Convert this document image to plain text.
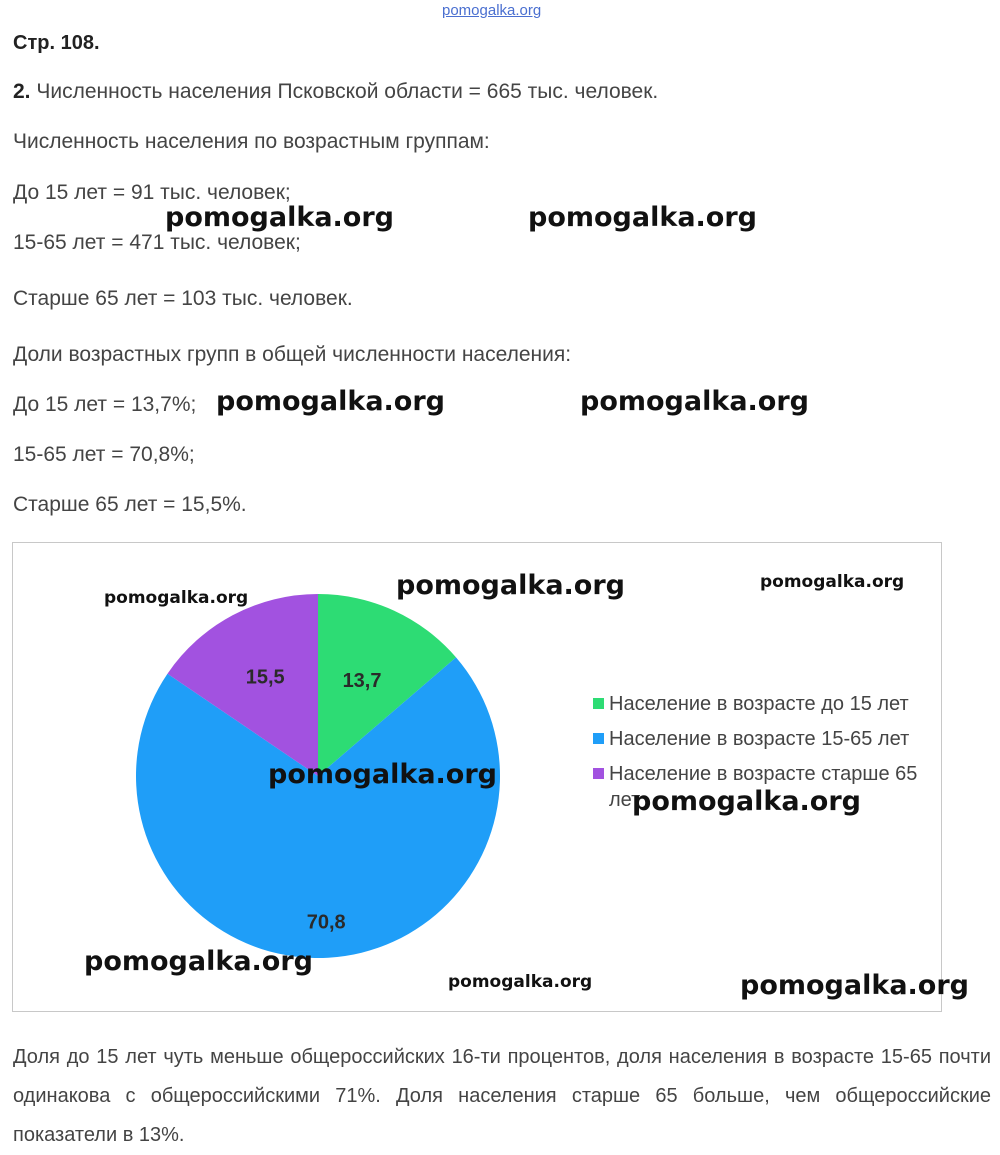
pomogalka.org
Стр. 108.
2. Численность населения Псковской области = 665 тыс. человек.
Численность населения по возрастным группам:
До 15 лет = 91 тыс. человек;
15-65 лет = 471 тыс. человек;
Старше 65 лет = 103 тыс. человек.
Доли возрастных групп в общей численности населения:
До 15 лет = 13,7%;
15-65 лет = 70,8%;
Старше 65 лет = 15,5%.
13,7
70,8
15,5
Население в возрасте до 15 лет
Население в возрасте 15-65 лет
Население в возрасте старше 65 лет
Доля до 15 лет чуть меньше общероссийских 16-ти процентов, доля населения в возрасте 15-65 почти одинакова с общероссийскими 71%. Доля населения старше 65 больше, чем общероссийские показатели в 13%.
pomogalka.org	pomogalka.org
pomogalka.org	pomogalka.org
pomogalka.org
pomogalka.org
pomogalka.org
pomogalka.org
pomogalka.org
pomogalka.org
pomogalka.org	pomogalka.org
